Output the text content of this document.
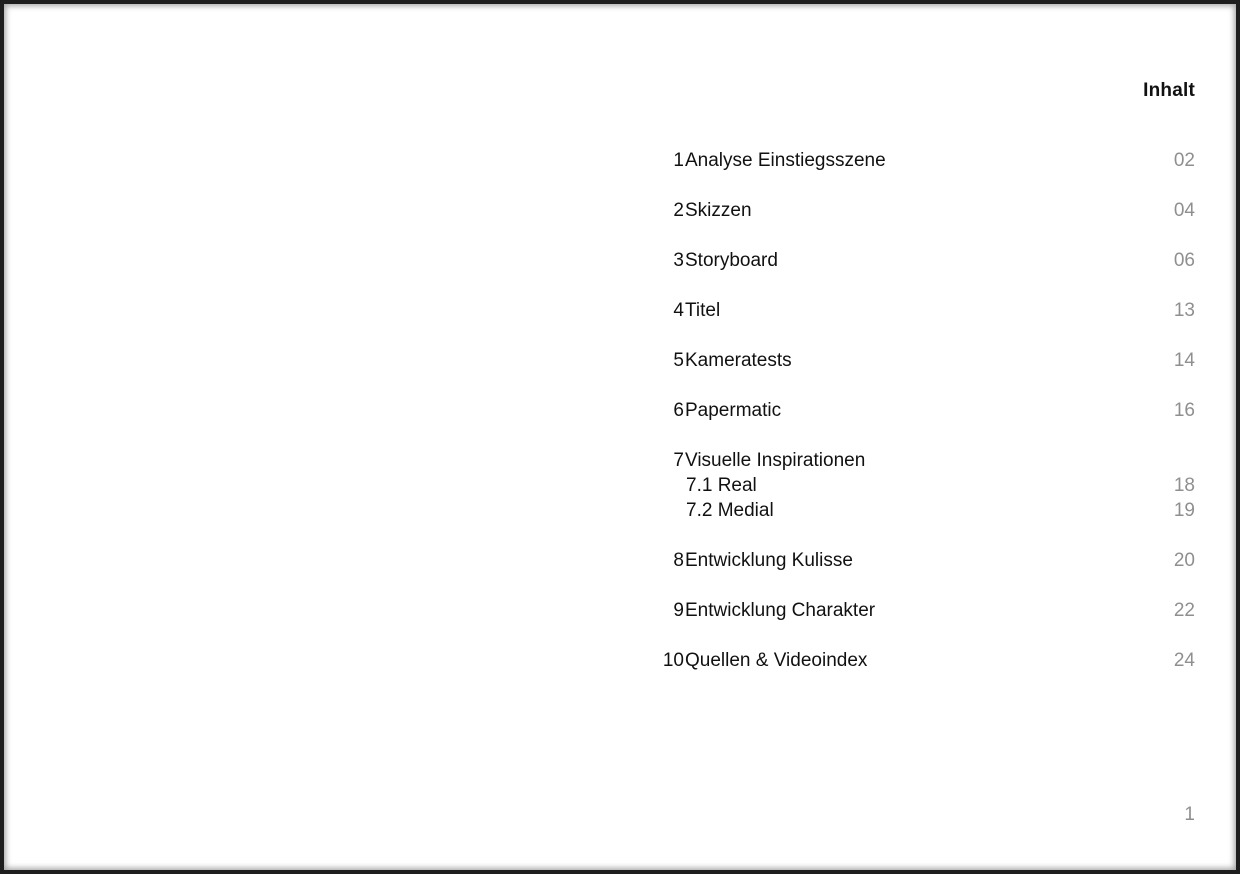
Inhalt
1 Analyse Einstiegsszene	02
2 Skizzen	04
3 Storyboard	06
4 Titel	13
5 Kameratests	14
6 Papermatic	16
7 Visuelle Inspirationen
7.1 Real	18
7.2 Medial	19
8 Entwicklung Kulisse	20
9 Entwicklung Charakter	22
10 Quellen & Videoindex	24
1
